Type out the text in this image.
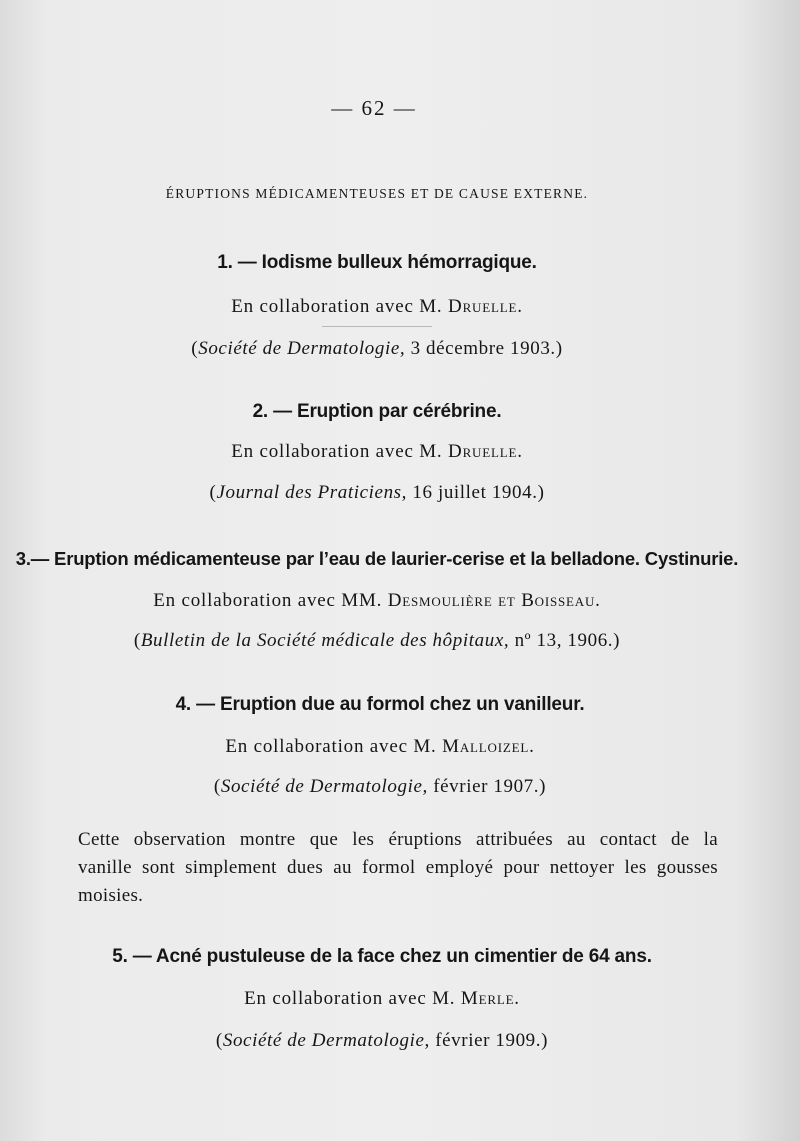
— 62 —
ÉRUPTIONS MÉDICAMENTEUSES ET DE CAUSE EXTERNE.
1. — Iodisme bulleux hémorragique.
En collaboration avec M. Druelle.
(Société de Dermatologie, 3 décembre 1903.)
2. — Eruption par cérébrine.
En collaboration avec M. Druelle.
(Journal des Praticiens, 16 juillet 1904.)
3.— Eruption médicamenteuse par l’eau de laurier-cerise et la belladone. Cystinurie.
En collaboration avec MM. Desmoulière et Boisseau.
(Bulletin de la Société médicale des hôpitaux, nº 13, 1906.)
4. — Eruption due au formol chez un vanilleur.
En collaboration avec M. Malloizel.
(Société de Dermatologie, février 1907.)
Cette observation montre que les éruptions attribuées au contact de la vanille sont simplement dues au formol employé pour nettoyer les gousses moisies.
5. — Acné pustuleuse de la face chez un cimentier de 64 ans.
En collaboration avec M. Merle.
(Société de Dermatologie, février 1909.)
